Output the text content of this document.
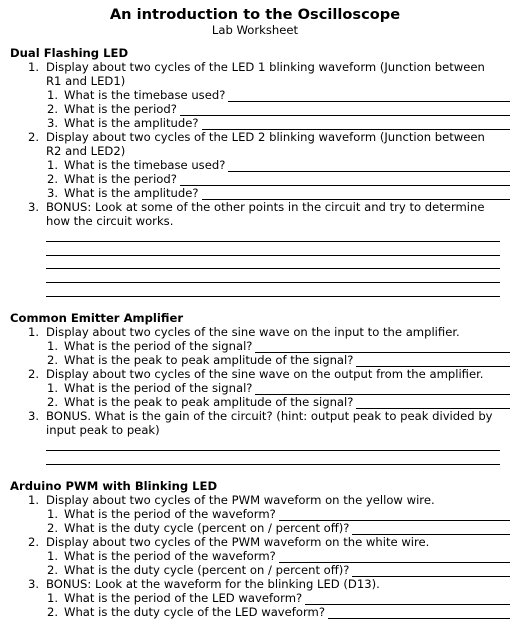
An introduction to the Oscilloscope
Lab Worksheet
Dual Flashing LED
1. Display about two cycles of the LED 1 blinking waveform (Junction between R1 and LED1)
1. What is the timebase used?
2. What is the period?
3. What is the amplitude?
2. Display about two cycles of the LED 2 blinking waveform (Junction between R2 and LED2)
1. What is the timebase used?
2. What is the period?
3. What is the amplitude?
3. BONUS: Look at some of the other points in the circuit and try to determine how the circuit works.
Common Emitter Amplifier
1. Display about two cycles of the sine wave on the input to the amplifier.
1. What is the period of the signal?
2. What is the peak to peak amplitude of the signal?
2. Display about two cycles of the sine wave on the output from the amplifier.
1. What is the period of the signal?
2. What is the peak to peak amplitude of the signal?
3. BONUS. What is the gain of the circuit? (hint: output peak to peak divided by input peak to peak)
Arduino PWM with Blinking LED
1. Display about two cycles of the PWM waveform on the yellow wire.
1. What is the period of the waveform?
2. What is the duty cycle (percent on / percent off)?
2. Display about two cycles of the PWM waveform on the white wire.
1. What is the period of the waveform?
2. What is the duty cycle (percent on / percent off)?
3. BONUS: Look at the waveform for the blinking LED (D13).
1. What is the period of the LED waveform?
2. What is the duty cycle of the LED waveform?
